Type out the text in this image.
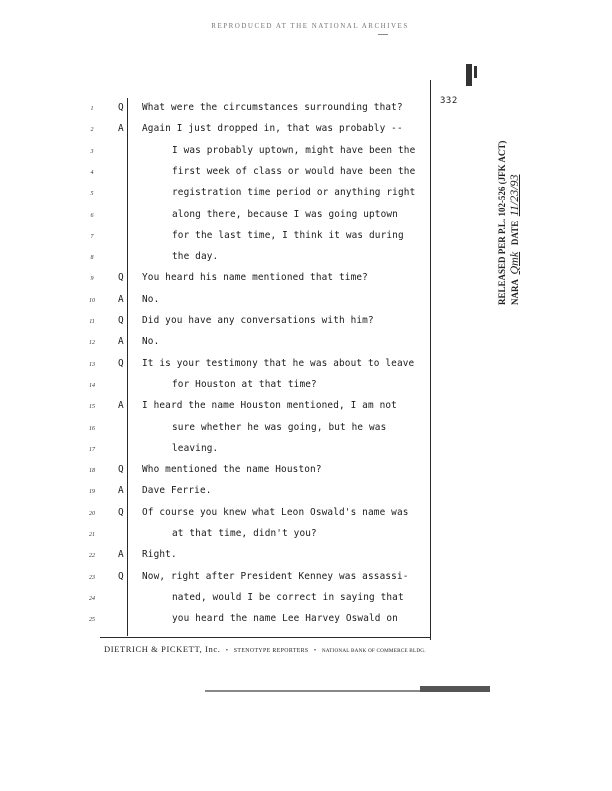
REPRODUCED AT THE NATIONAL ARCHIVES
332
1	Q What were the circumstances surrounding that?
2	A Again I just dropped in, that was probably --
3	I was probably uptown, might have been the
4	first week of class or would have been the
5	registration time period or anything right
6	along there, because I was going uptown
7	for the last time, I think it was during
8	the day.
9	Q You heard his name mentioned that time?
10	A No.
11	Q Did you have any conversations with him?
12	A No.
13	Q It is your testimony that he was about to leave
14	for Houston at that time?
15	A I heard the name Houston mentioned, I am not
16	sure whether he was going, but he was
17	leaving.
18	Q Who mentioned the name Houston?
19	A Dave Ferrie.
20	Q Of course you knew what Leon Oswald's name was
21	at that time, didn't you?
22	A Right.
23	Q Now, right after President Kenney was assassi-
24	nated, would I be correct in saying that
25	you heard the name Lee Harvey Oswald on
DIETRICH & PICKETT, Inc.   •   STENOTYPE REPORTERS   •   NATIONAL BANK OF COMMERCE BLDG.
RELEASED PER P.L. 102-526 (JFK ACT) NARA  Qmk   DATE  11/23/93
